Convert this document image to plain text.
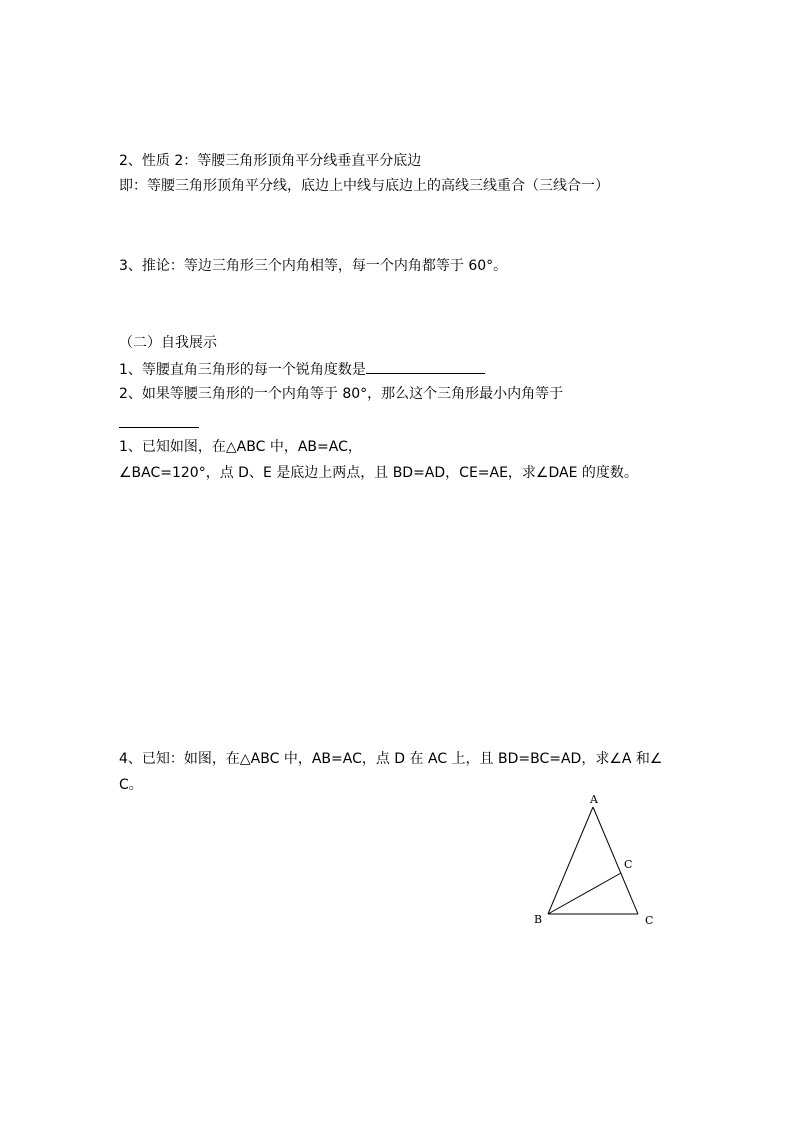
2、性质 2：等腰三角形顶角平分线垂直平分底边
即：等腰三角形顶角平分线，底边上中线与底边上的高线三线重合（三线合一）
3、推论：等边三角形三个内角相等，每一个内角都等于 60°。
（二）自我展示
1、等腰直角三角形的每一个锐角度数是
2、如果等腰三角形的一个内角等于 80°，那么这个三角形最小内角等于
1、已知如图，在△ABC 中，AB=AC，
∠BAC=120°，点 D、E 是底边上两点，且 BD=AD，CE=AE，求∠DAE 的度数。
4、已知：如图，在△ABC 中，AB=AC，点 D 在 AC 上，且 BD=BC=AD，求∠A 和∠
C。
A
B	C
C
